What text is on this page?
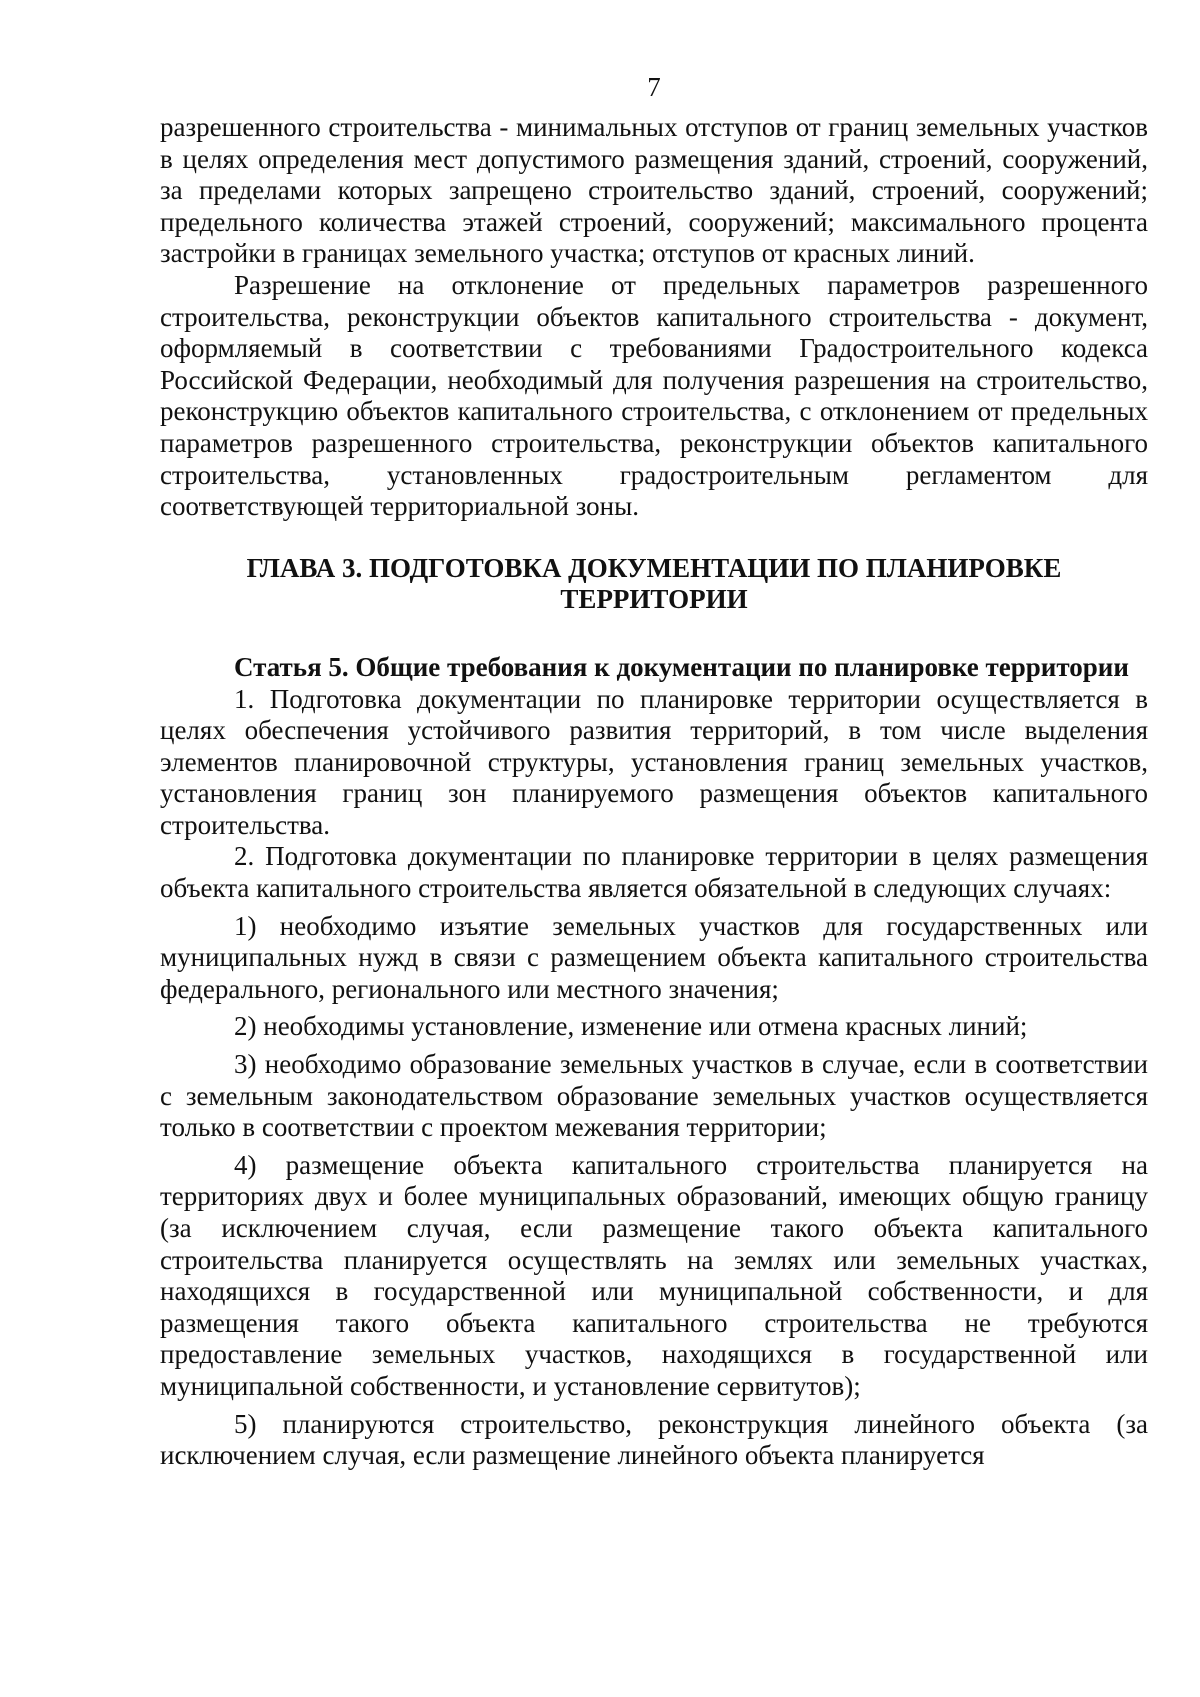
7

разрешенного строительства - минимальных отступов от границ земельных участков в целях определения мест допустимого размещения зданий, строений, сооружений, за пределами которых запрещено строительство зданий, строений, сооружений; предельного количества этажей строений, сооружений; максимального процента застройки в границах земельного участка; отступов от красных линий.

Разрешение на отклонение от предельных параметров разрешенного строительства, реконструкции объектов капитального строительства - документ, оформляемый в соответствии с требованиями Градостроительного кодекса Российской Федерации, необходимый для получения разрешения на строительство, реконструкцию объектов капитального строительства, с отклонением от предельных параметров разрешенного строительства, реконструкции объектов капитального строительства, установленных градостроительным регламентом для соответствующей территориальной зоны.

ГЛАВА 3. ПОДГОТОВКА ДОКУМЕНТАЦИИ ПО ПЛАНИРОВКЕ
ТЕРРИТОРИИ
Статья 5. Общие требования к документации по планировке территории

1. Подготовка документации по планировке территории осуществляется в целях обеспечения устойчивого развития территорий, в том числе выделения элементов планировочной структуры, установления границ земельных участков, установления границ зон планируемого размещения объектов капитального строительства.

2. Подготовка документации по планировке территории в целях размещения объекта капитального строительства является обязательной в следующих случаях:

1) необходимо изъятие земельных участков для государственных или муниципальных нужд в связи с размещением объекта капитального строительства федерального, регионального или местного значения;

2) необходимы установление, изменение или отмена красных линий;

3) необходимо образование земельных участков в случае, если в соответствии с земельным законодательством образование земельных участков осуществляется только в соответствии с проектом межевания территории;

4) размещение объекта капитального строительства планируется на территориях двух и более муниципальных образований, имеющих общую границу (за исключением случая, если размещение такого объекта капитального строительства планируется осуществлять на землях или земельных участках, находящихся в государственной или муниципальной собственности, и для размещения такого объекта капитального строительства не требуются предоставление земельных участков, находящихся в государственной или муниципальной собственности, и установление сервитутов);

5) планируются строительство, реконструкция линейного объекта (за исключением случая, если размещение линейного объекта планируется
